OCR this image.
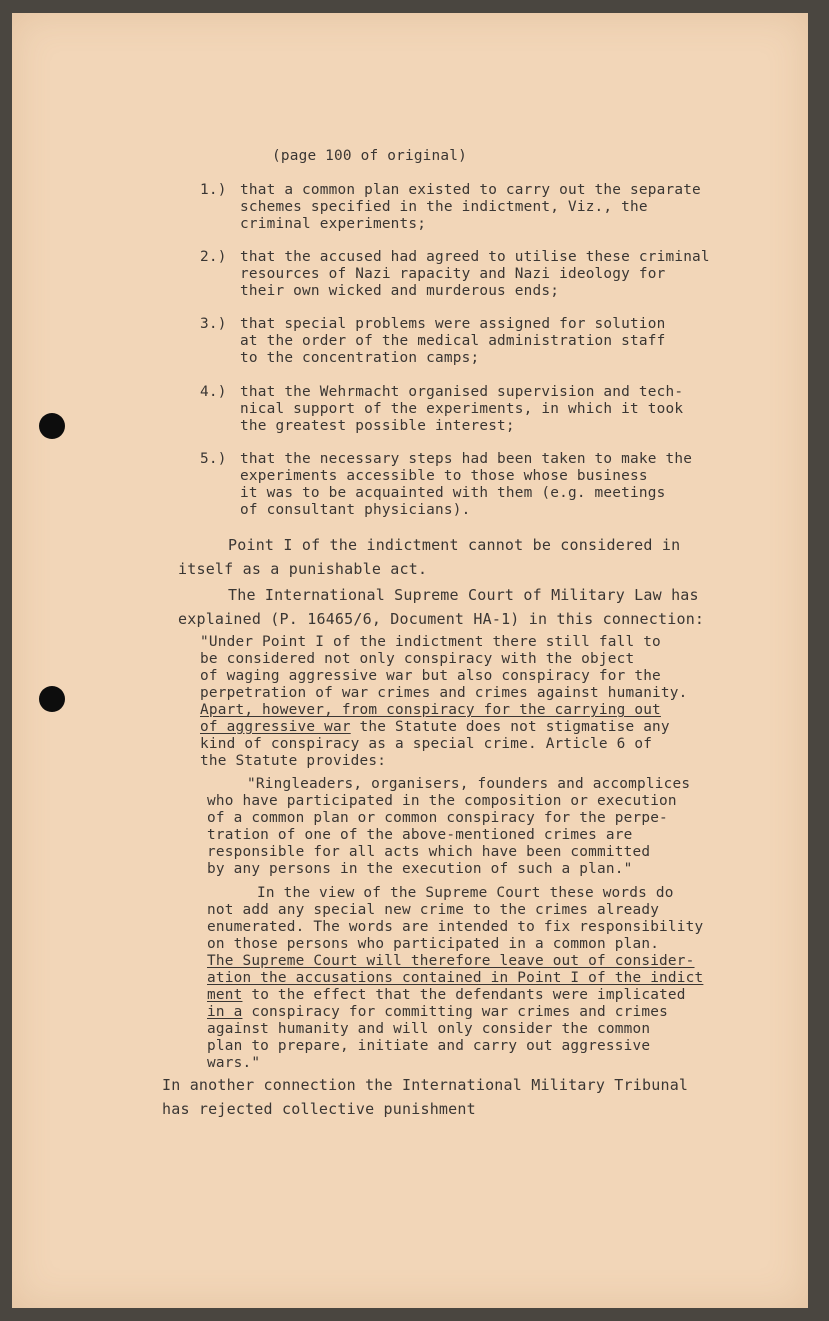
(page 100 of original)
1.) that a common plan existed to carry out the separate
schemes specified in the indictment, Viz., the
criminal experiments;
2.) that the accused had agreed to utilise these criminal
resources of Nazi rapacity and Nazi ideology for
their own wicked and murderous ends;
3.) that special problems were assigned for solution
at the order of the medical administration staff
to the concentration camps;
4.) that the Wehrmacht organised supervision and tech-
nical support of the experiments, in which it took
the greatest possible interest;
5.) that the necessary steps had been taken to make the
experiments accessible to those whose business
it was to be acquainted with them (e.g. meetings
of consultant physicians).
Point I of the indictment cannot be considered in
itself as a punishable act.
The International Supreme Court of Military Law has
explained (P. 16465/6, Document HA-1) in this connection:
"Under Point I of the indictment there still fall to
be considered not only conspiracy with the object
of waging aggressive war but also conspiracy for the
perpetration of war crimes and crimes against humanity.
Apart, however, from conspiracy for the carrying out
of aggressive war the Statute does not stigmatise any
kind of conspiracy as a special crime. Article 6 of
the Statute provides:
"Ringleaders, organisers, founders and accomplices
who have participated in the composition or execution
of a common plan or common conspiracy for the perpe-
tration of one of the above-mentioned crimes are
responsible for all acts which have been committed
by any persons in the execution of such a plan."
In the view of the Supreme Court these words do
not add any special new crime to the crimes already
enumerated. The words are intended to fix responsibility
on those persons who participated in a common plan.
The Supreme Court will therefore leave out of consider-
ation the accusations contained in Point I of the indict
ment to the effect that the defendants were implicated
in a conspiracy for committing war crimes and crimes
against humanity and will only consider the common
plan to prepare, initiate and carry out aggressive
wars."
In another connection the International Military Tribunal
has rejected collective punishment
